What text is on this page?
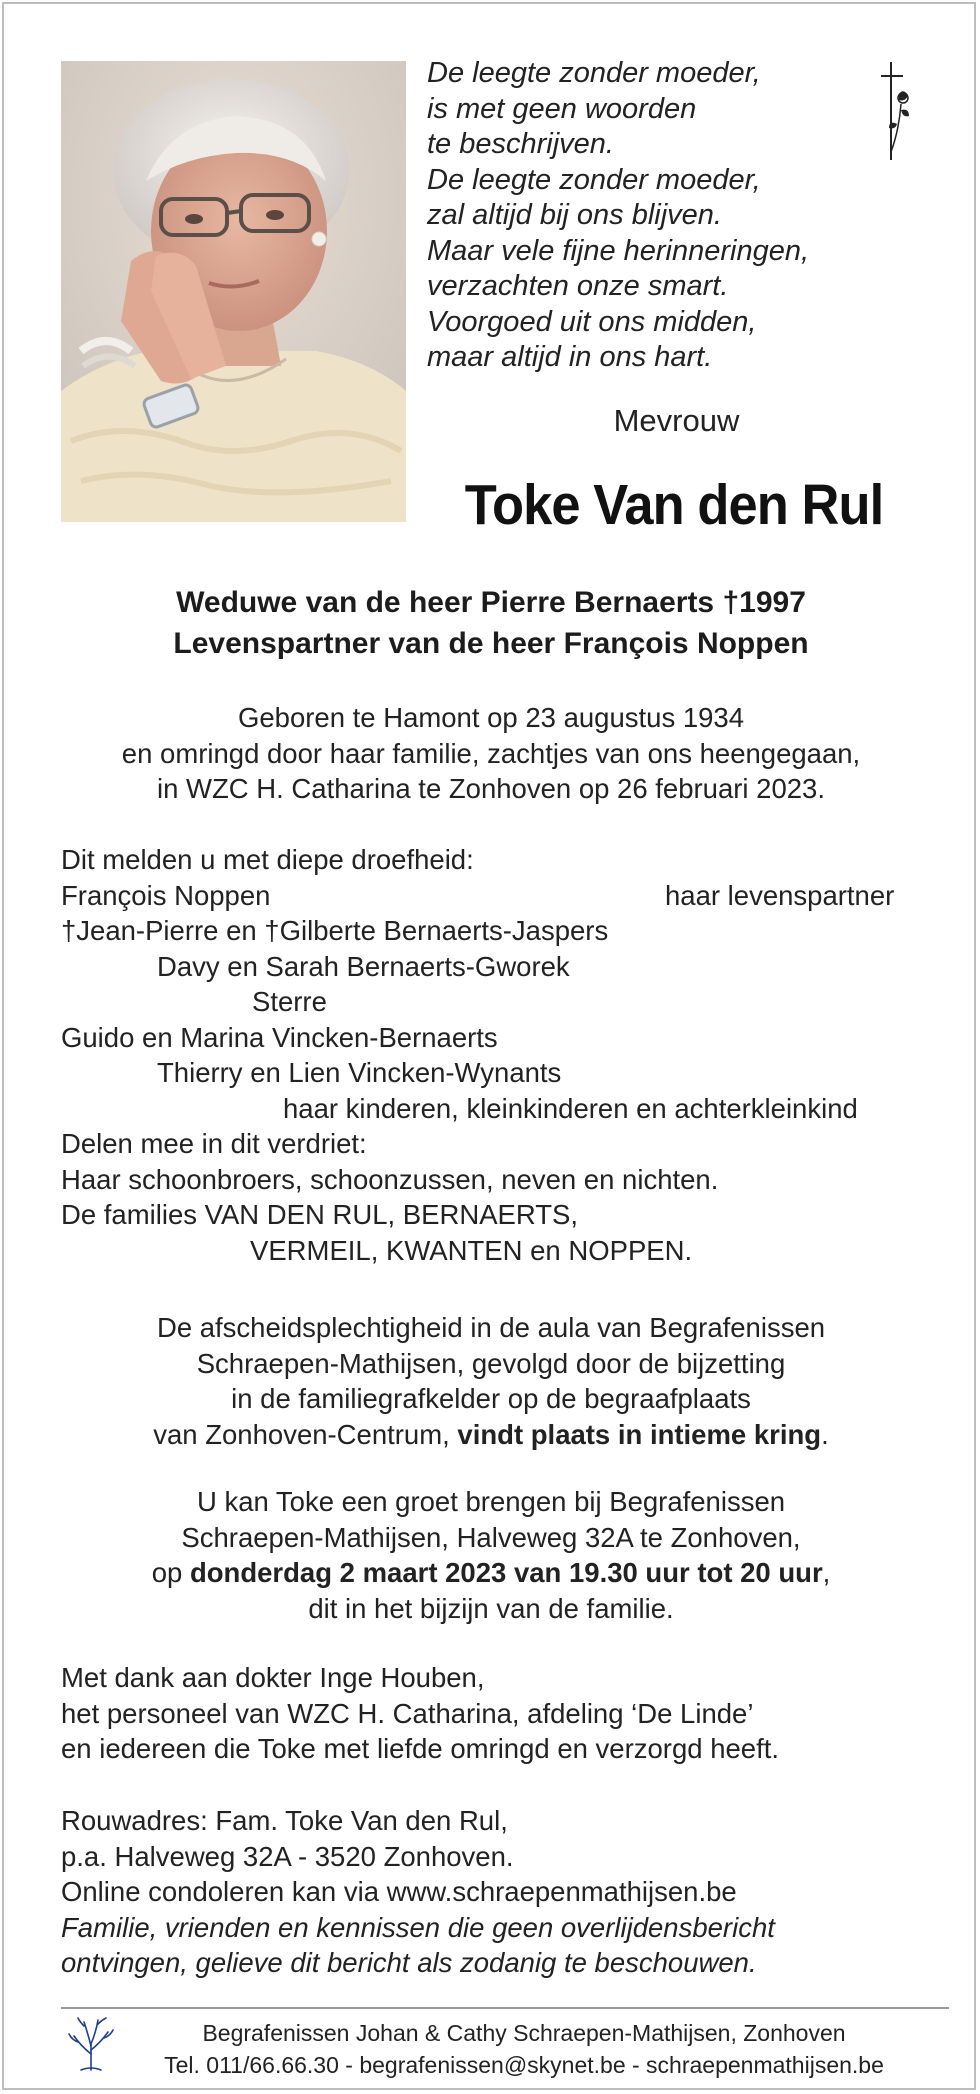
De leegte zonder moeder,
is met geen woorden
te beschrijven.
De leegte zonder moeder,
zal altijd bij ons blijven.
Maar vele fijne herinneringen,
verzachten onze smart.
Voorgoed uit ons midden,
maar altijd in ons hart.
Mevrouw
Toke Van den Rul
Weduwe van de heer Pierre Bernaerts †1997
Levenspartner van de heer François Noppen
Geboren te Hamont op 23 augustus 1934
en omringd door haar familie, zachtjes van ons heengegaan,
in WZC H. Catharina te Zonhoven op 26 februari 2023.
Dit melden u met diepe droefheid:
François Noppen	haar levenspartner
†Jean-Pierre en †Gilberte Bernaerts-Jaspers
Davy en Sarah Bernaerts-Gworek
Sterre
Guido en Marina Vincken-Bernaerts
Thierry en Lien Vincken-Wynants
haar kinderen, kleinkinderen en achterkleinkind
Delen mee in dit verdriet:
Haar schoonbroers, schoonzussen, neven en nichten.
De families VAN DEN RUL, BERNAERTS,
VERMEIL, KWANTEN en NOPPEN.
De afscheidsplechtigheid in de aula van Begrafenissen
Schraepen-Mathijsen, gevolgd door de bijzetting
in de familiegrafkelder op de begraafplaats
van Zonhoven-Centrum, vindt plaats in intieme kring.
U kan Toke een groet brengen bij Begrafenissen
Schraepen-Mathijsen, Halveweg 32A te Zonhoven,
op donderdag 2 maart 2023 van 19.30 uur tot 20 uur,
dit in het bijzijn van de familie.
Met dank aan dokter Inge Houben,
het personeel van WZC H. Catharina, afdeling ‘De Linde’
en iedereen die Toke met liefde omringd en verzorgd heeft.
Rouwadres: Fam. Toke Van den Rul,
p.a. Halveweg 32A - 3520 Zonhoven.
Online condoleren kan via www.schraepenmathijsen.be
Familie, vrienden en kennissen die geen overlijdensbericht
ontvingen, gelieve dit bericht als zodanig te beschouwen.
Begrafenissen Johan & Cathy Schraepen-Mathijsen, Zonhoven
Tel. 011/66.66.30 - begrafenissen@skynet.be - schraepenmathijsen.be
